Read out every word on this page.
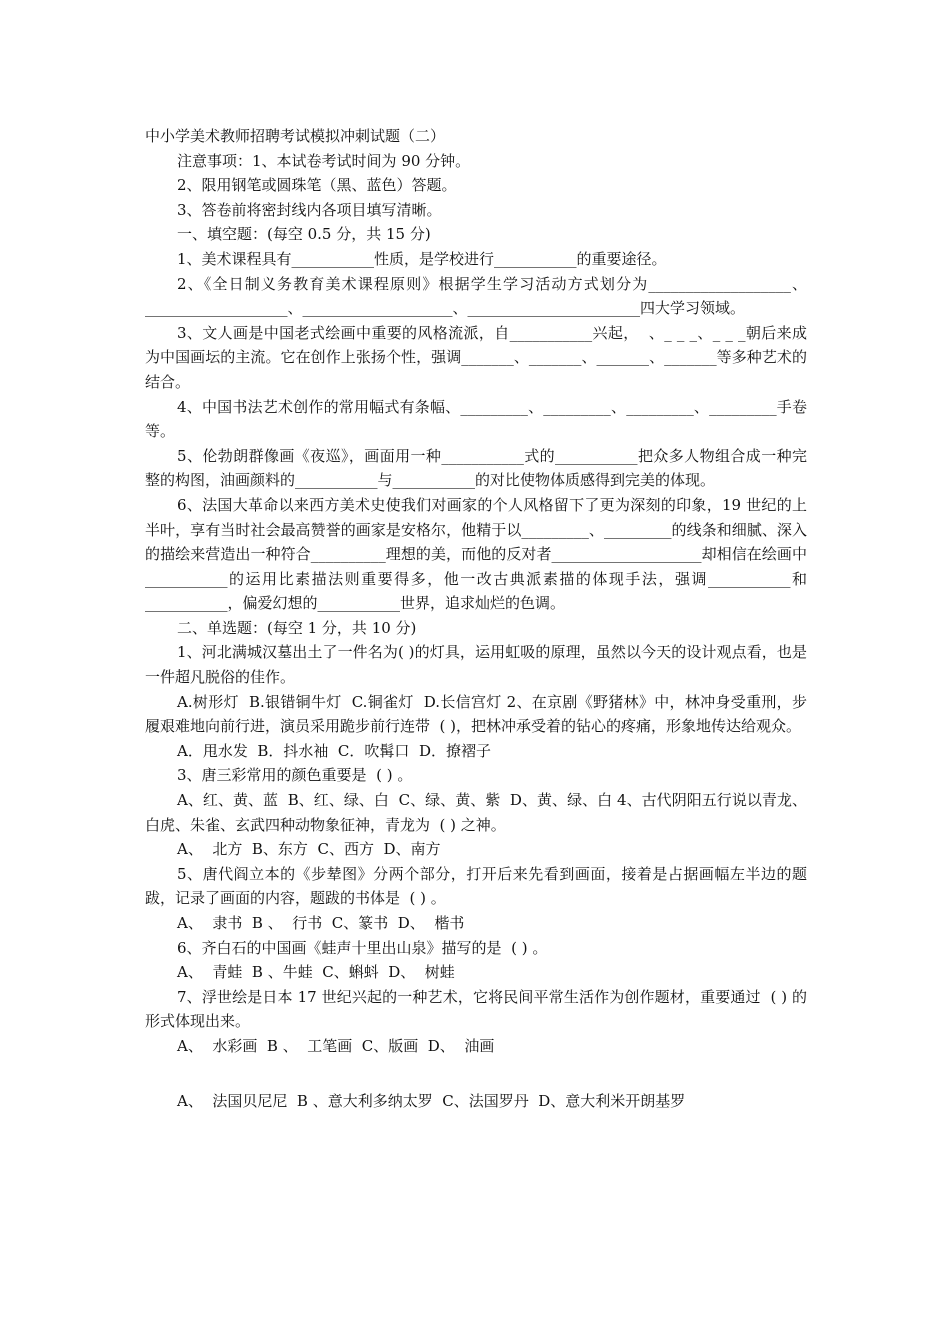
中小学美术教师招聘考试模拟冲刺试题（二）

注意事项：1、本试卷考试时间为 90 分钟。

2、限用钢笔或圆珠笔（黑、蓝色）答题。

3、答卷前将密封线内各项目填写清晰。

一、填空题：(每空 0.5 分，共 15 分)

1、美术课程具有___________性质，是学校进行___________的重要途径。

2、《全日制义务教育美术课程原则》根据学生学习活动方式划分为___________________、___________________、____________________、_______________________四大学习领域。

3、文人画是中国老式绘画中重要的风格流派，自___________兴起，  、_ _ _、_ _ _朝后来成为中国画坛的主流。它在创作上张扬个性，强调_______、_______、_______、_______等多种艺术的结合。

4、中国书法艺术创作的常用幅式有条幅、_________、_________、_________、_________手卷等。

5、伦勃朗群像画《夜巡》，画面用一种___________式的___________把众多人物组合成一种完整的构图，油画颜料的___________与___________的对比使物体质感得到完美的体现。

6、法国大革命以来西方美术史使我们对画家的个人风格留下了更为深刻的印象，19 世纪的上半叶，享有当时社会最高赞誉的画家是安格尔，他精于以_________、_________的线条和细腻、深入的描绘来营造出一种符合__________理想的美，而他的反对者____________________却相信在绘画中___________的运用比素描法则重要得多，他一改古典派素描的体现手法，强调___________和___________，偏爱幻想的___________世界，追求灿烂的色调。

二、单选题：(每空 1 分，共 10 分)

1、河北满城汉墓出土了一件名为( )的灯具，运用虹吸的原理，虽然以今天的设计观点看，也是一件超凡脱俗的佳作。

A.树形灯  B.银错铜牛灯  C.铜雀灯  D.长信宫灯 2、在京剧《野猪林》中，林冲身受重刑，步履艰难地向前行进，演员采用跪步前行连带  ( )，把林冲承受着的钻心的疼痛，形象地传达给观众。

A．甩水发  B．抖水袖  C．吹髯口  D．撩褶子

3、唐三彩常用的颜色重要是  ( ) 。

A、红、黄、蓝  B、红、绿、白  C、绿、黄、紫  D、黄、绿、白 4、古代阴阳五行说以青龙、白虎、朱雀、玄武四种动物象征神，青龙为  ( ) 之神。

A、  北方  B、东方  C、西方  D、南方

5、唐代阎立本的《步辇图》分两个部分，打开后来先看到画面，接着是占据画幅左半边的题跋，记录了画面的内容，题跋的书体是  ( ) 。

A、  隶书  B 、  行书  C、篆书  D、  楷书

6、齐白石的中国画《蛙声十里出山泉》描写的是  ( ) 。

A、  青蛙  B 、牛蛙  C、蝌蚪  D、  树蛙

7、浮世绘是日本 17 世纪兴起的一种艺术，它将民间平常生活作为创作题材，重要通过  ( ) 的形式体现出来。

A、  水彩画  B 、  工笔画  C、版画  D、  油画

A、  法国贝尼尼  B 、意大利多纳太罗  C、法国罗丹  D、意大利米开朗基罗
